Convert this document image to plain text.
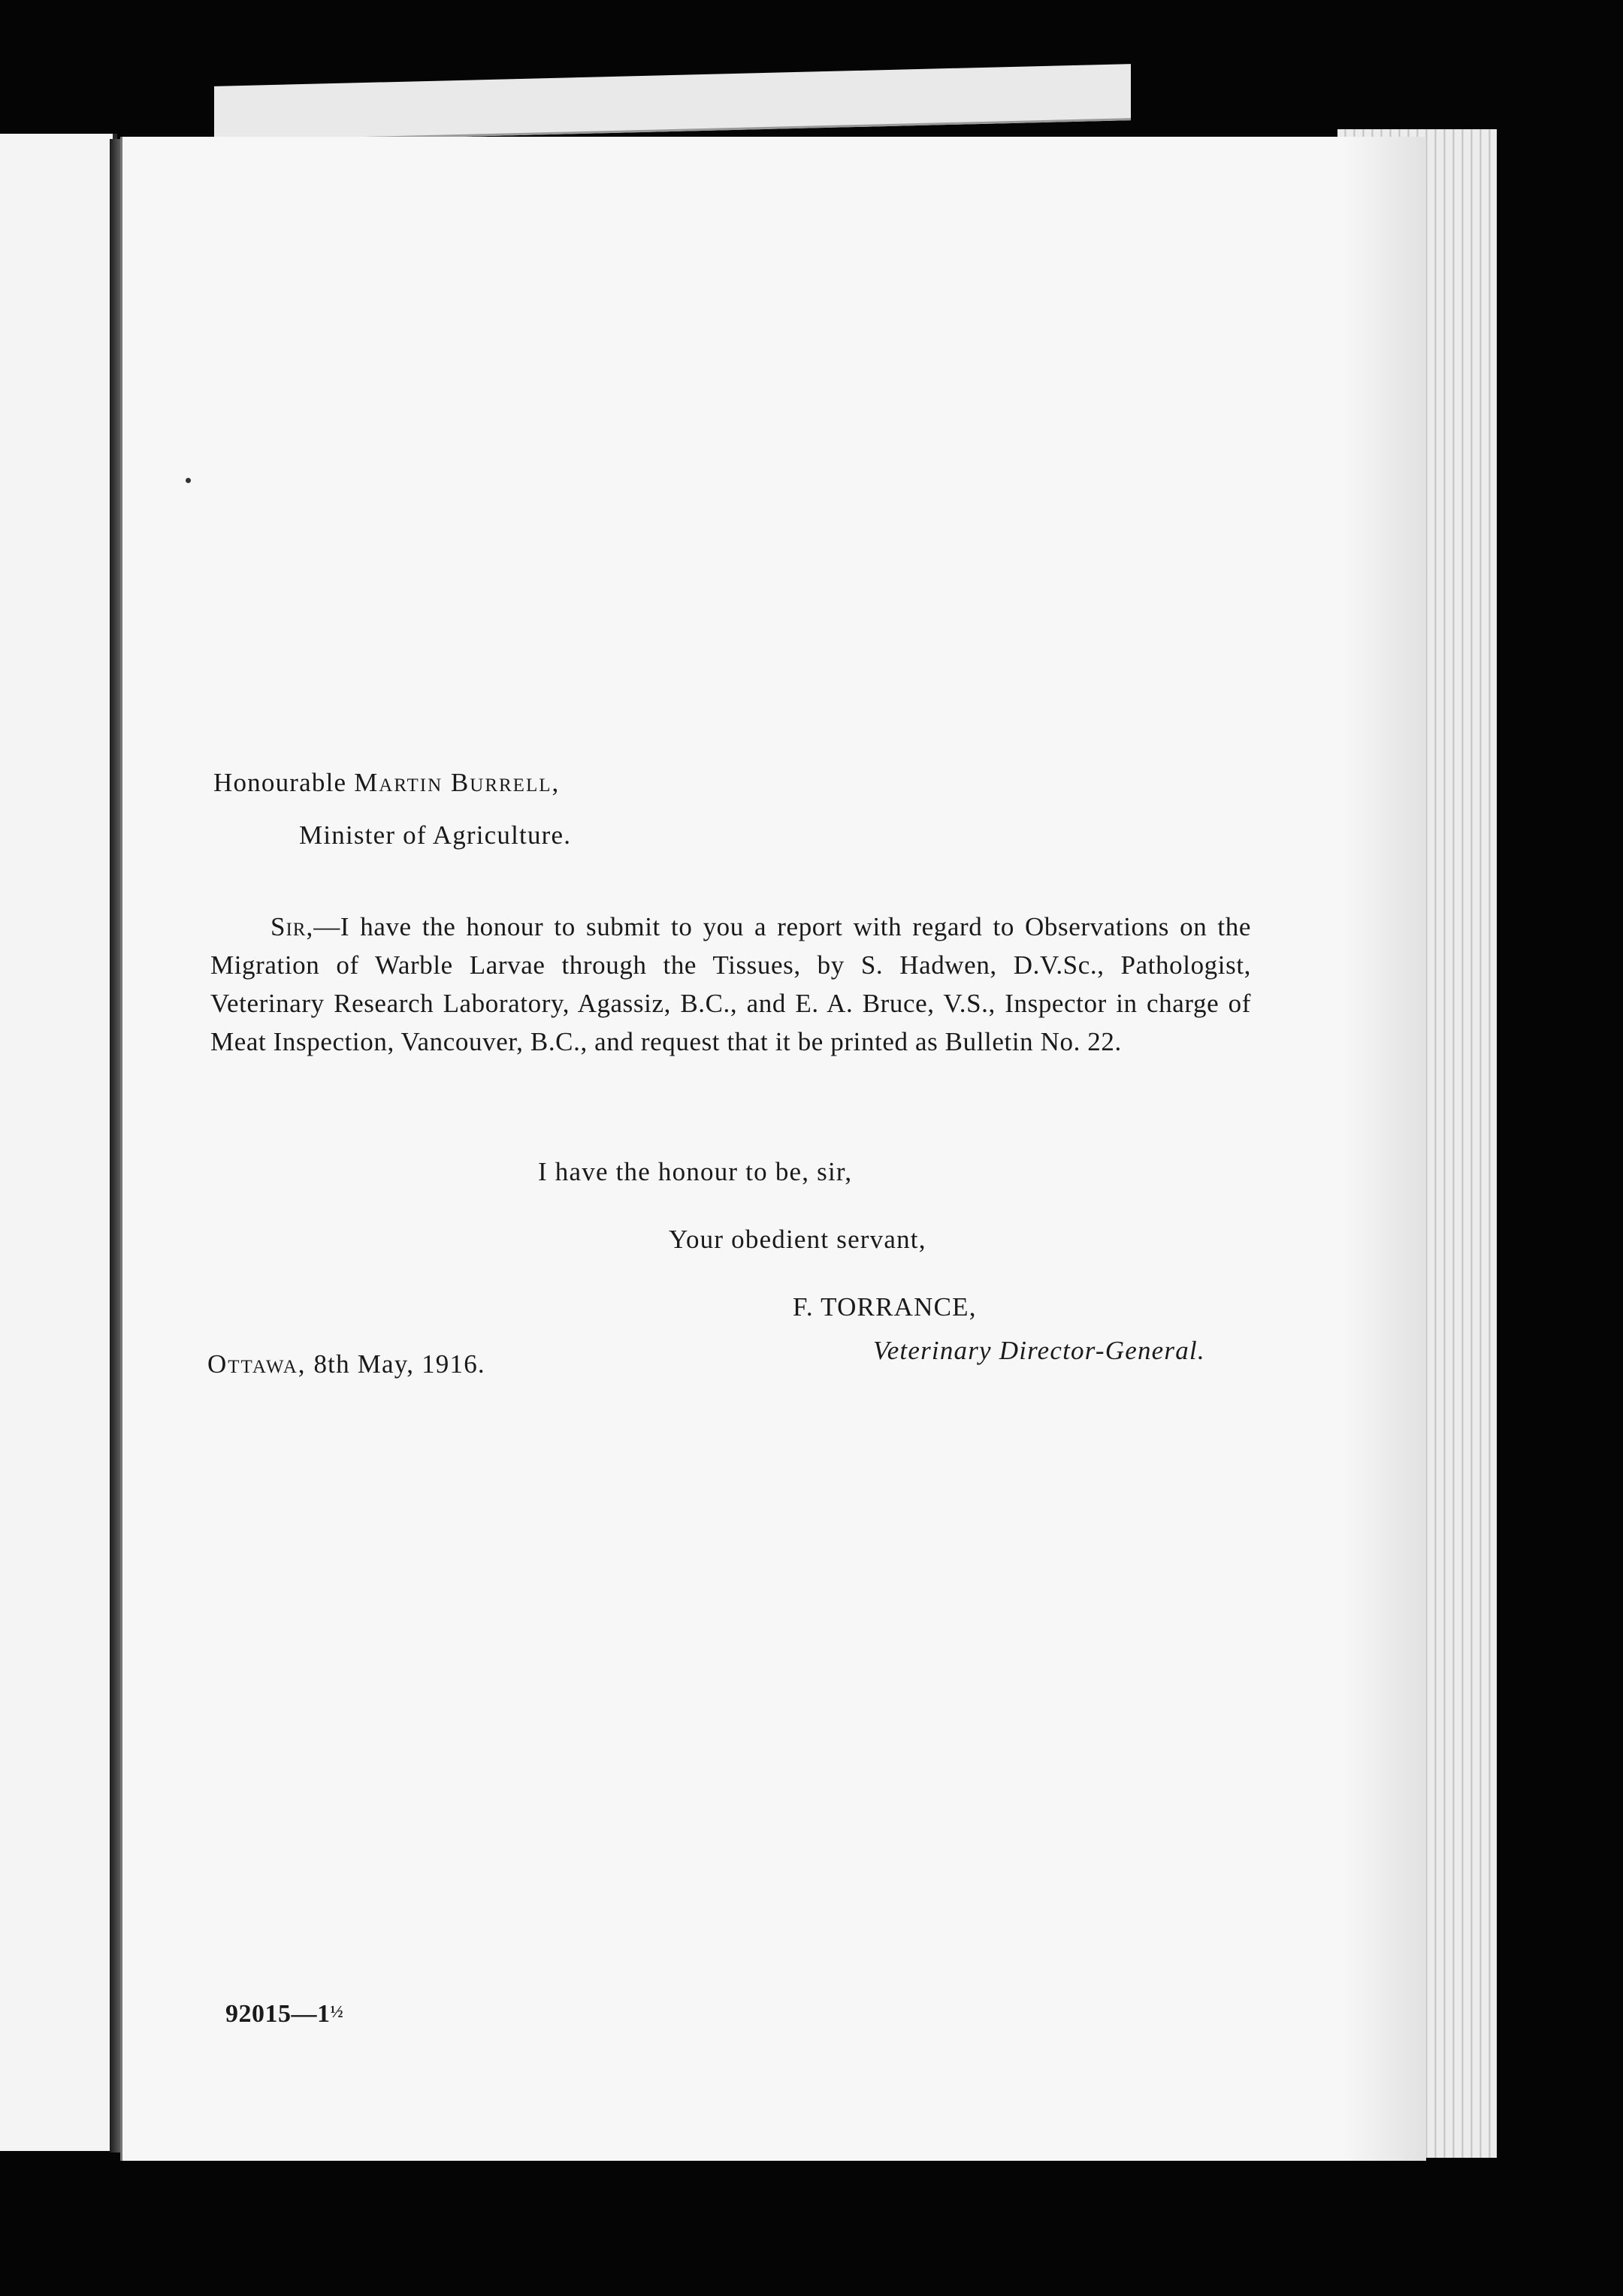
Honourable Martin Burrell,
Minister of Agriculture.
Sir,—I have the honour to submit to you a report with regard to Observations on the Migration of Warble Larvae through the Tissues, by S. Hadwen, D.V.Sc., Pathologist, Veterinary Research Laboratory, Agassiz, B.C., and E. A. Bruce, V.S., Inspector in charge of Meat Inspection, Vancouver, B.C., and request that it be printed as Bulletin No. 22.
I have the honour to be, sir,
Your obedient servant,
F. TORRANCE,
Veterinary Director-General.
Ottawa, 8th May, 1916.
92015—1½
